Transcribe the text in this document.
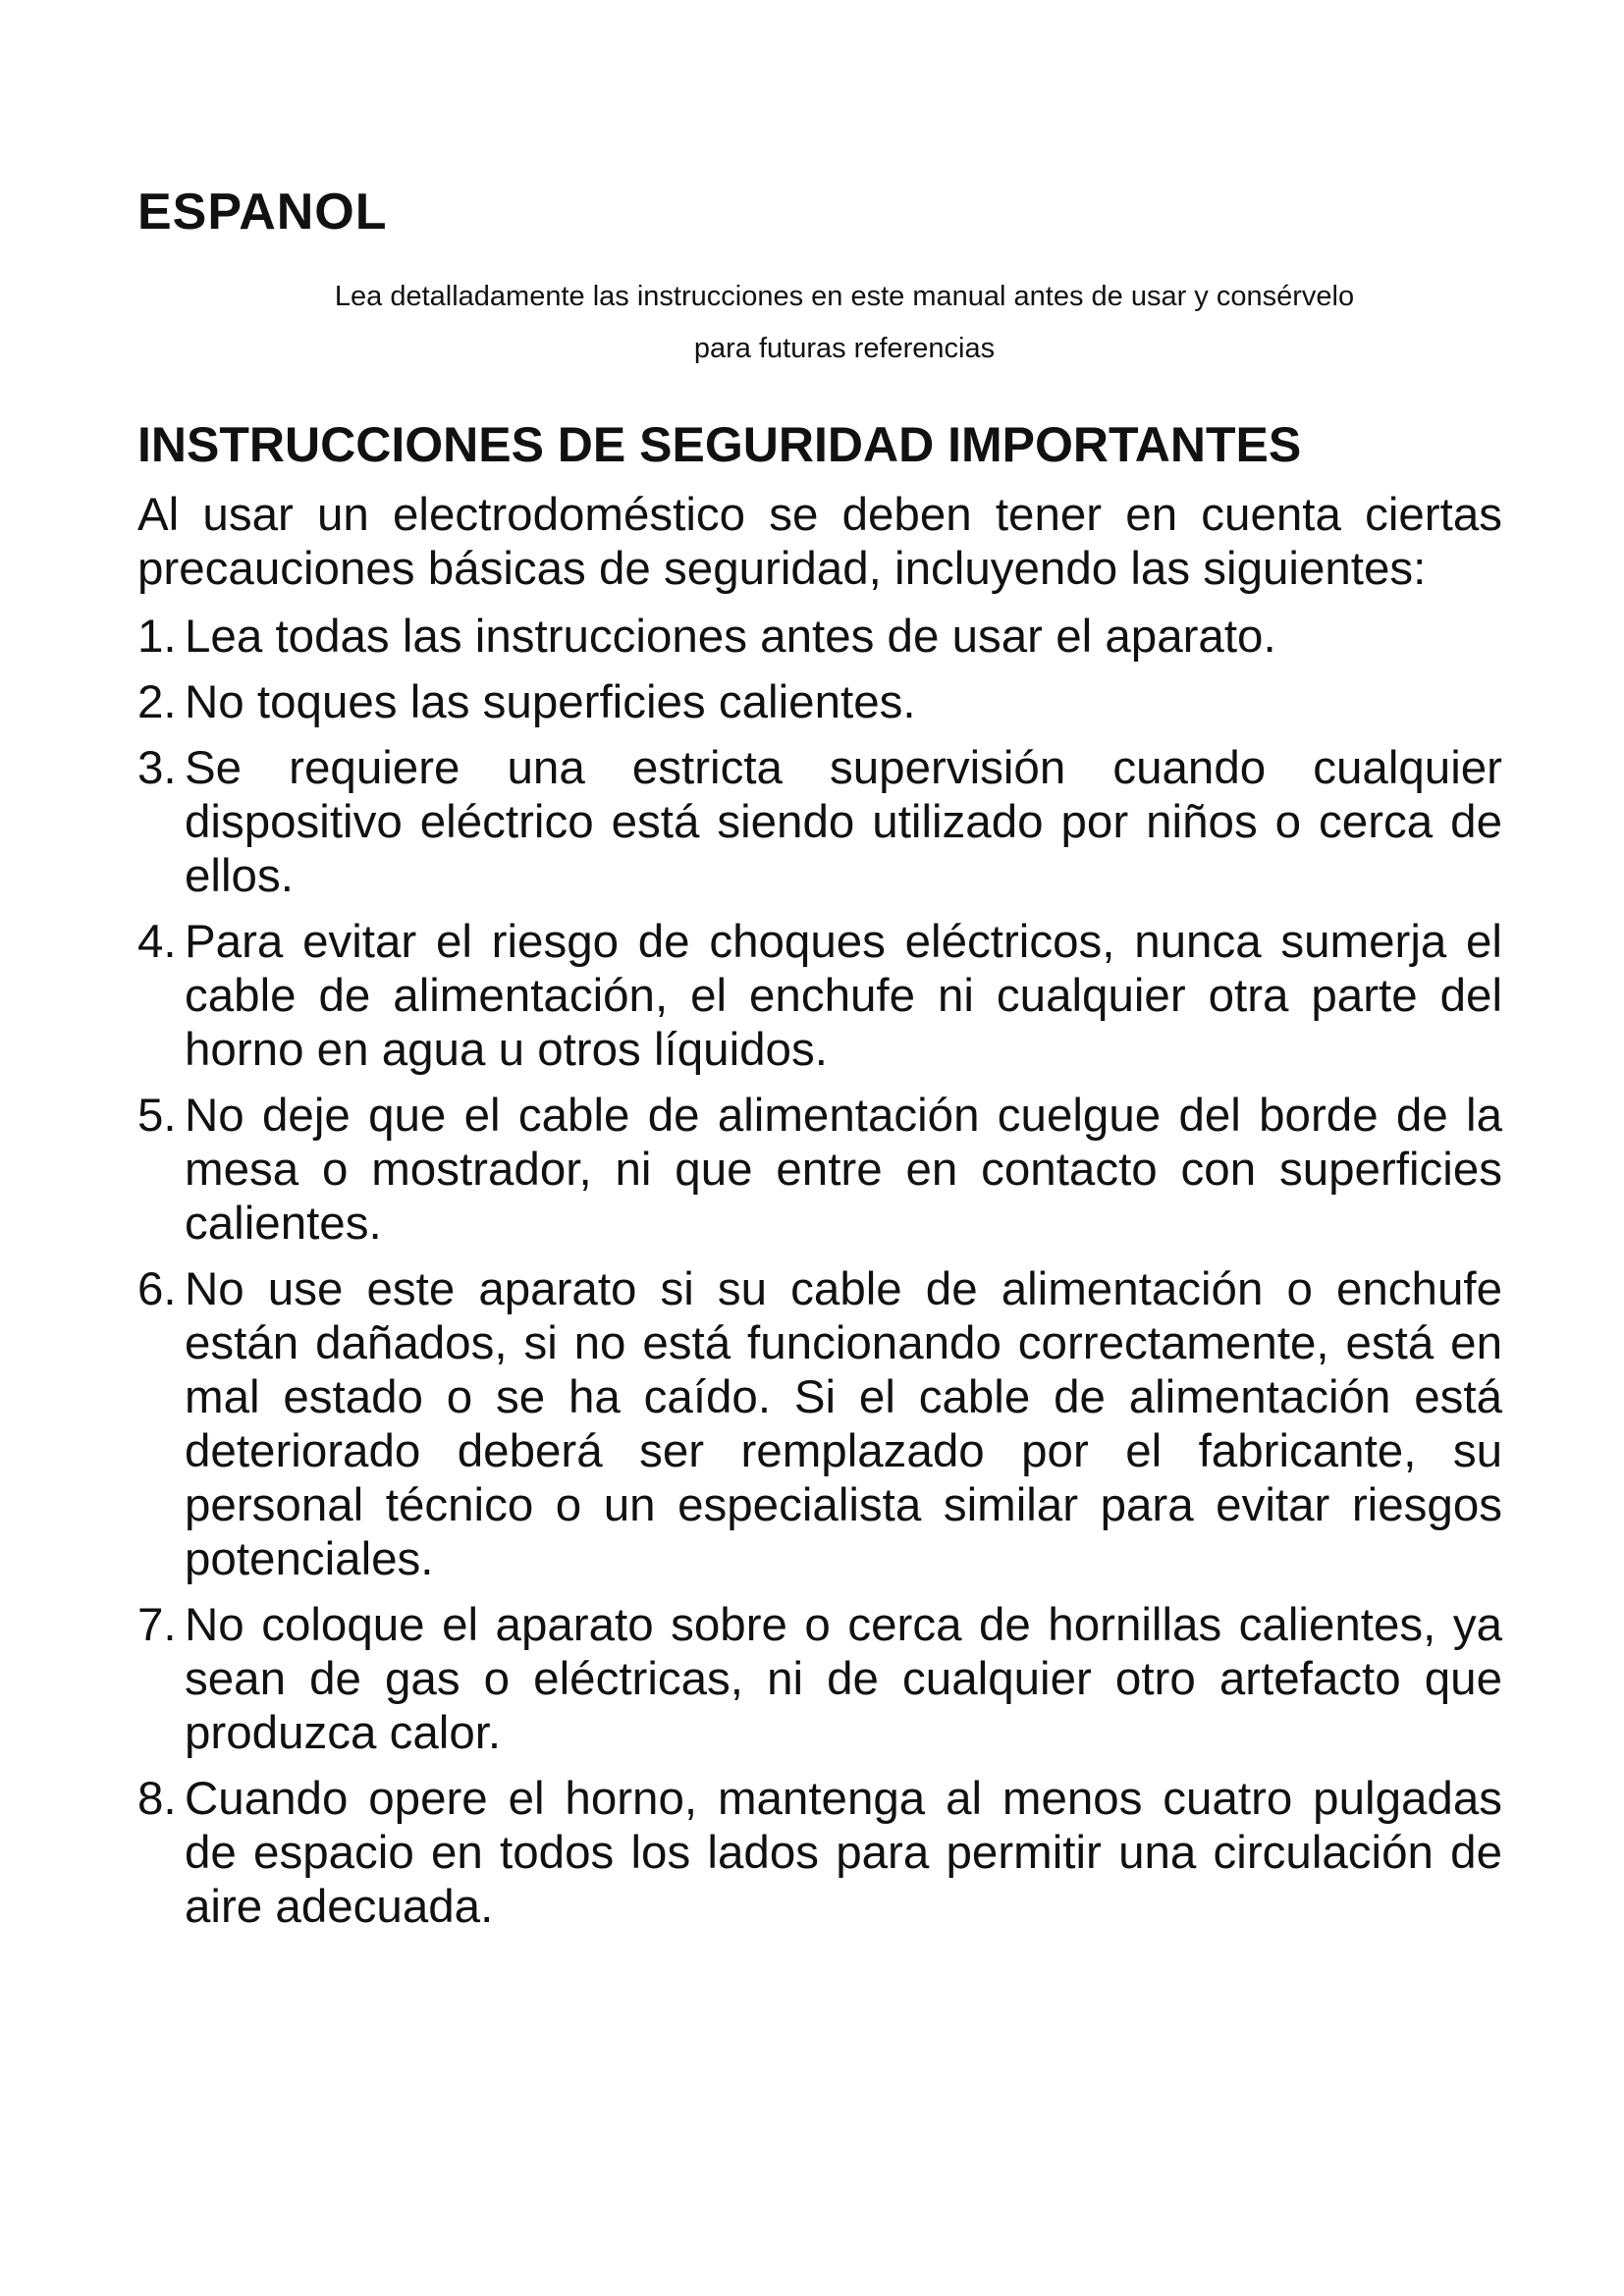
ESPANOL
Lea detalladamente las instrucciones en este manual antes de usar y consérvelo
para futuras referencias
INSTRUCCIONES DE SEGURIDAD IMPORTANTES

Al usar un electrodoméstico se deben tener en cuenta ciertas precauciones básicas de seguridad, incluyendo las siguientes:

1. Lea todas las instrucciones antes de usar el aparato.
2. No toques las superficies calientes.
3. Se requiere una estricta supervisión cuando cualquier dispositivo eléctrico está siendo utilizado por niños o cerca de ellos.
4. Para evitar el riesgo de choques eléctricos, nunca sumerja el cable de alimentación, el enchufe ni cualquier otra parte del horno en agua u otros líquidos.
5. No deje que el cable de alimentación cuelgue del borde de la mesa o mostrador, ni que entre en contacto con superficies calientes.
6. No use este aparato si su cable de alimentación o enchufe están dañados, si no está funcionando correctamente, está en mal estado o se ha caído. Si el cable de alimentación está deteriorado deberá ser remplazado por el fabricante, su personal técnico o un especialista similar para evitar riesgos potenciales.
7. No coloque el aparato sobre o cerca de hornillas calientes, ya sean de gas o eléctricas, ni de cualquier otro artefacto que produzca calor.
8. Cuando opere el horno, mantenga al menos cuatro pulgadas de espacio en todos los lados para permitir una circulación de aire adecuada.
